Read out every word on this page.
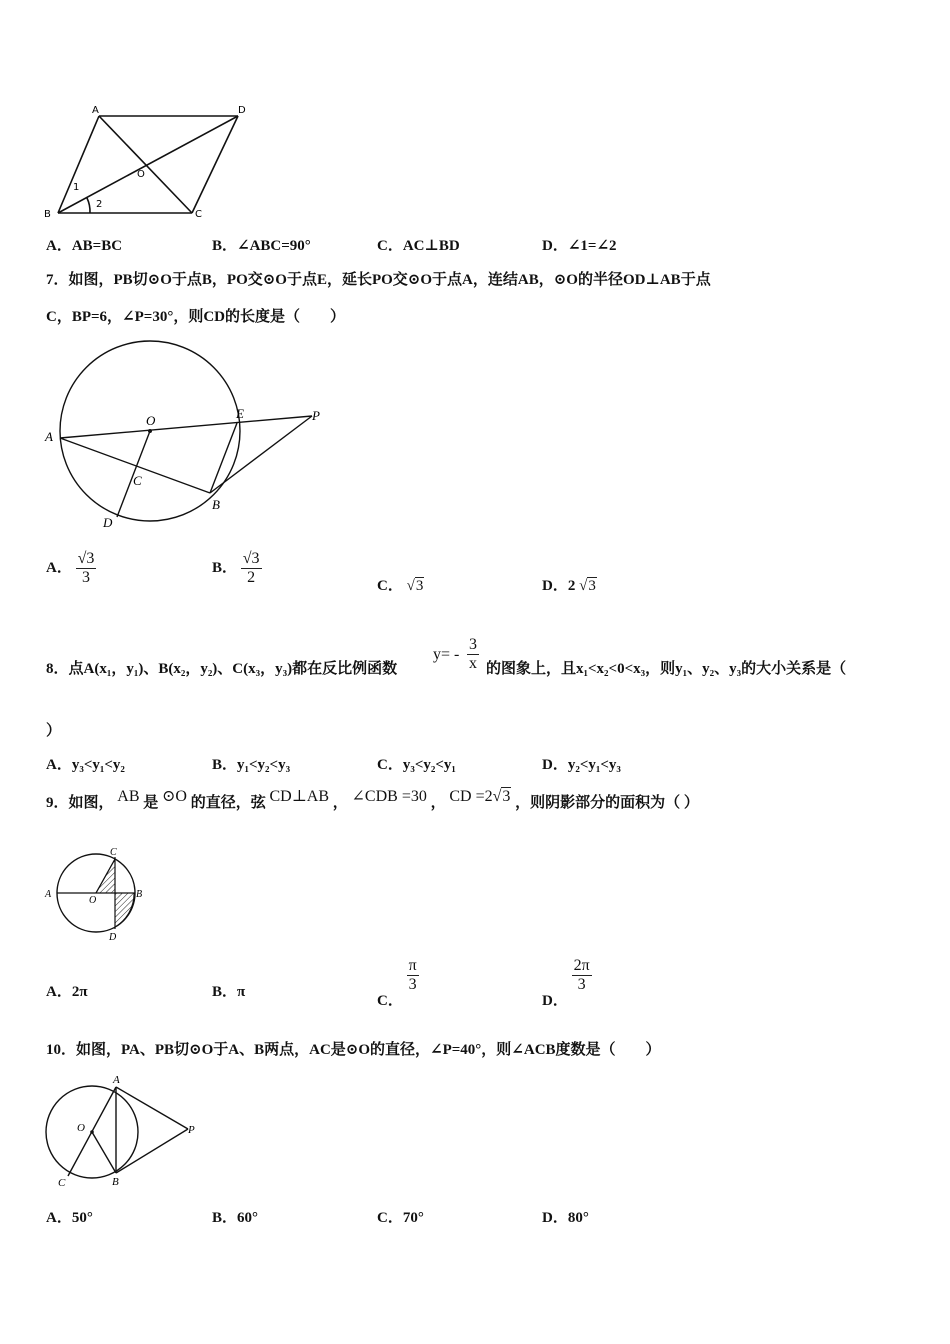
A	D
O
B	C
1
2
A．AB=BC	B．∠ABC=90°	C．AC⊥BD	D．∠1=∠2
7．如图，PB切⊙O于点B，PO交⊙O于点E，延长PO交⊙O于点A，连结AB，⊙O的半径OD⊥AB于点
C，BP=6，∠P=30°，则CD的长度是（　　）
A
O	E	P
C
B
D
A． $\frac{√3}{3}$	B． $\frac{√3}{2}$	C． √3	D．2 √3
8．点A(x₁，y₁)、B(x₂，y₂)、C(x₃，y₃)都在反比例函数
$y= - \frac{3}{x}$ 的图象上，且x₁<x₂<0<x₃，则y₁、y₂、y₃的大小关系是（
）
A．y₃<y₁<y₂	B．y₁<y₂<y₃	C．y₃<y₂<y₁	D．y₂<y₁<y₃
9．如图， AB 是 ⊙O 的直径，弦 CD⊥AB ， ∠CDB =30 ， CD =2√3 ，则阴影部分的面积为（ ）
C
A
O
B
D
A．2π	B．π
C．
$\frac{\pi}{3}$
D．
$\frac{2\pi}{3}$
10．如图，PA、PB切⊙O于A、B两点，AC是⊙O的直径，∠P=40°，则∠ACB度数是（　　）
A
O	P
C	B
A．50°	B．60°	C．70°	D．80°
